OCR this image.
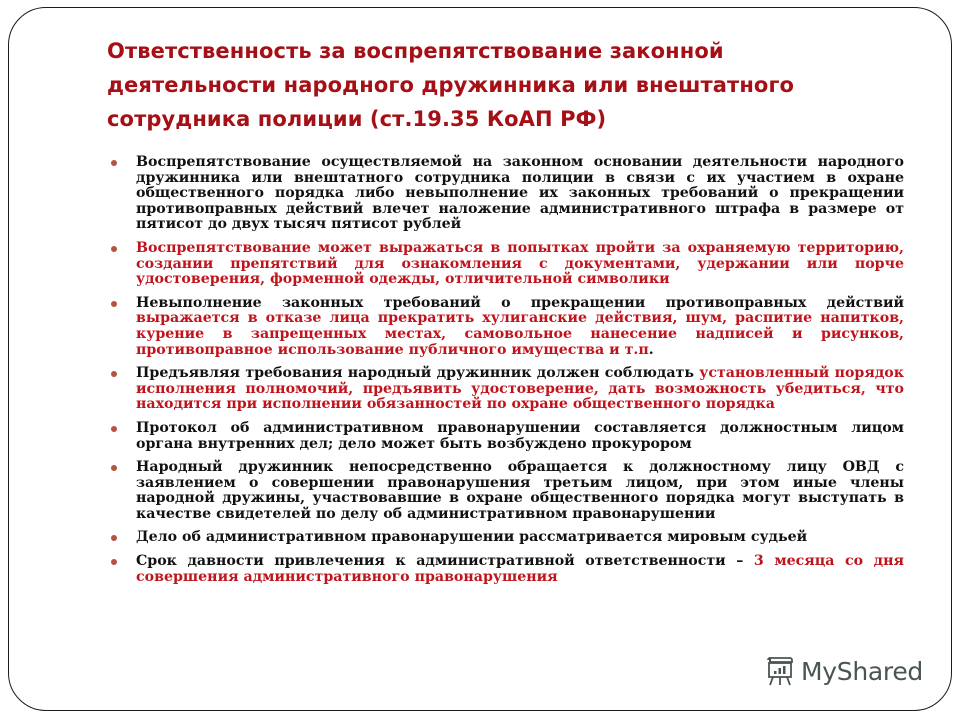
Ответственность за воспрепятствование законной
деятельности народного дружинника или внештатного
сотрудника полиции (ст.19.35 КоАП РФ)
Воспрепятствование осуществляемой на законном основании деятельности народного дружинника или внештатного сотрудника полиции в связи с их участием в охране общественного порядка либо невыполнение их законных требований о прекращении противоправных действий влечет наложение административного штрафа в размере от пятисот до двух тысяч пятисот рублей
Воспрепятствование может выражаться в попытках пройти за охраняемую территорию, создании препятствий для ознакомления с документами, удержании или порче удостоверения, форменной одежды, отличительной символики
Невыполнение законных требований о прекращении противоправных действий выражается в отказе лица прекратить хулиганские действия, шум, распитие напитков, курение в запрещенных местах, самовольное нанесение надписей и рисунков, противоправное использование публичного имущества и т.п.
Предъявляя требования народный дружинник должен соблюдать установленный порядок исполнения полномочий, предъявить удостоверение, дать возможность убедиться, что находится при исполнении обязанностей по охране общественного порядка
Протокол об административном правонарушении составляется должностным лицом органа внутренних дел; дело может быть возбуждено прокурором
Народный дружинник непосредственно обращается к должностному лицу ОВД с заявлением о совершении правонарушения третьим лицом, при этом иные члены народной дружины, участвовавшие в охране общественного порядка могут выступать в качестве свидетелей по делу об административном правонарушении
Дело об административном правонарушении рассматривается мировым судьей
Срок давности привлечения к административной ответственности – 3 месяца со дня совершения административного правонарушения
MyShared
